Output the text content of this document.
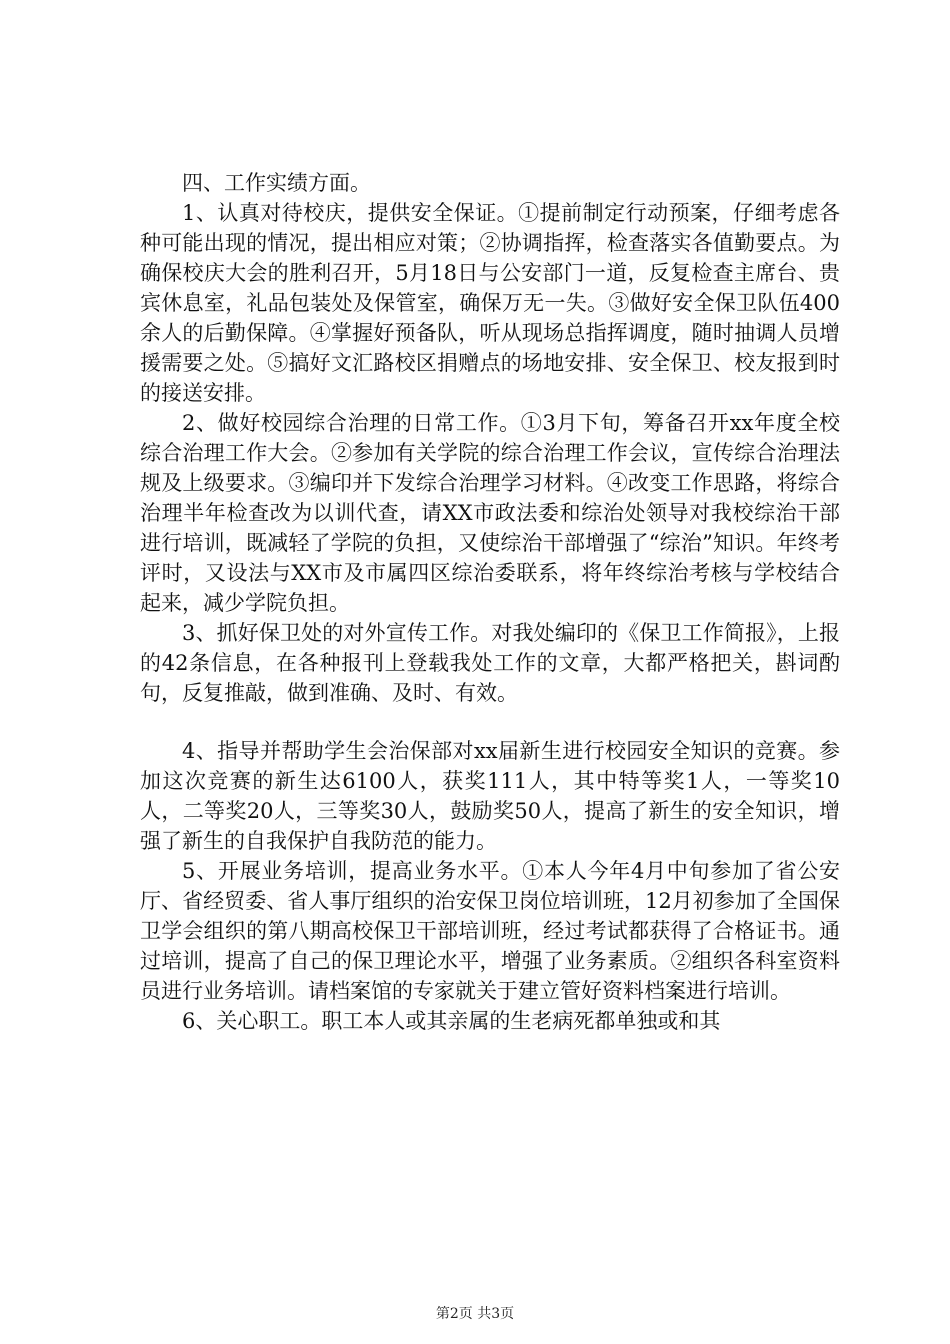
四、工作实绩方面。

1、认真对待校庆，提供安全保证。①提前制定行动预案，仔细考虑各种可能出现的情况，提出相应对策；②协调指挥，检查落实各值勤要点。为确保校庆大会的胜利召开，5月18日与公安部门一道，反复检查主席台、贵宾休息室，礼品包装处及保管室，确保万无一失。③做好安全保卫队伍400余人的后勤保障。④掌握好预备队，听从现场总指挥调度，随时抽调人员增援需要之处。⑤搞好文汇路校区捐赠点的场地安排、安全保卫、校友报到时的接送安排。

2、做好校园综合治理的日常工作。①3月下旬，筹备召开xx年度全校综合治理工作大会。②参加有关学院的综合治理工作会议，宣传综合治理法规及上级要求。③编印并下发综合治理学习材料。④改变工作思路，将综合治理半年检查改为以训代查，请XX市政法委和综治处领导对我校综治干部进行培训，既减轻了学院的负担，又使综治干部增强了“综治”知识。年终考评时，又设法与XX市及市属四区综治委联系，将年终综治考核与学校结合起来，减少学院负担。

3、抓好保卫处的对外宣传工作。对我处编印的《保卫工作简报》，上报的42条信息，在各种报刊上登载我处工作的文章，大都严格把关，斟词酌句，反复推敲，做到准确、及时、有效。

4、指导并帮助学生会治保部对xx届新生进行校园安全知识的竞赛。参加这次竞赛的新生达6100人，获奖111人，其中特等奖1人，一等奖10人，二等奖20人，三等奖30人，鼓励奖50人，提高了新生的安全知识，增强了新生的自我保护自我防范的能力。

5、开展业务培训，提高业务水平。①本人今年4月中旬参加了省公安厅、省经贸委、省人事厅组织的治安保卫岗位培训班，12月初参加了全国保卫学会组织的第八期高校保卫干部培训班，经过考试都获得了合格证书。通过培训，提高了自己的保卫理论水平，增强了业务素质。②组织各科室资料员进行业务培训。请档案馆的专家就关于建立管好资料档案进行培训。

6、关心职工。职工本人或其亲属的生老病死都单独或和其

第2页 共3页
